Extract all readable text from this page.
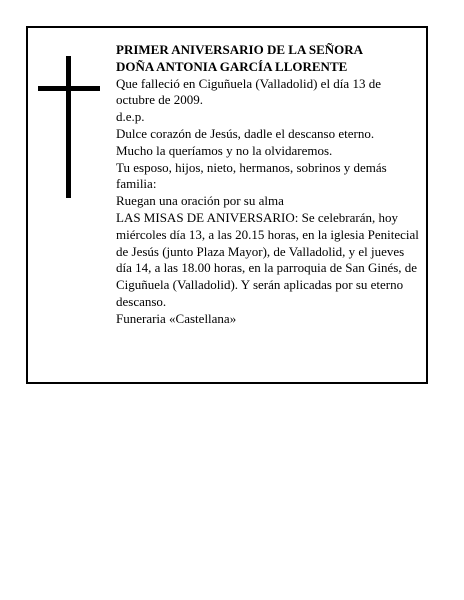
PRIMER ANIVERSARIO DE LA SEÑORA

DOÑA ANTONIA GARCÍA LLORENTE

Que falleció en Ciguñuela (Valladolid) el día 13 de octubre de 2009.

d.e.p.

Dulce corazón de Jesús, dadle el descanso eterno.

Mucho la queríamos y no la olvidaremos.

Tu esposo, hijos, nieto, hermanos, sobrinos y demás familia:

Ruegan una oración por su alma

LAS MISAS DE ANIVERSARIO: Se celebrarán, hoy miércoles día 13, a las 20.15 horas, en la iglesia Penitecial de Jesús (junto Plaza Mayor), de Valladolid, y el jueves día 14, a las 18.00 horas, en la parroquia de San Ginés, de Ciguñuela (Valladolid). Y serán aplicadas por su eterno descanso.

Funeraria «Castellana»
